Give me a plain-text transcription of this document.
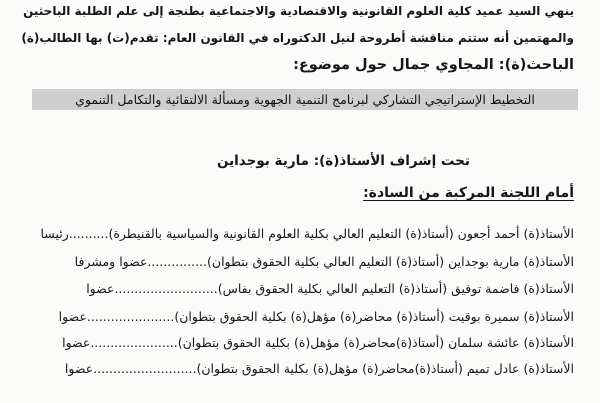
ينهي السيد عميد كلية العلوم القانونية والاقتصادية والاجتماعية بطنجة إلى علم الطلبة الباحثين
والمهتمين أنه ستتم مناقشة أطروحة لنيل الدكتوراه في القانون العام: تقدم(ت) بها الطالب(ة)
الباحث(ة): المجاوي جمال حول موضوع:
التخطيط الإستراتيجي التشاركي لبرنامج التنمية الجهوية ومسألة الالتقائية والتكامل التنموي
تحت إشراف الأستاذ(ة): مارية بوجداين
أمام اللجنة المركبة من السادة:
الأستاذ(ة) أحمد أجعون (أستاذ(ة) التعليم العالي بكلية العلوم القانونية والسياسية بالقنيطرة)..........رئيسا
الأستاذ(ة) مارية بوجداين (أستاذ(ة) التعليم العالي بكلية الحقوق بتطوان)...............عضوا ومشرفا
الأستاذ(ة) فاضمة توفيق (أستاذ(ة) التعليم العالي بكلية الحقوق بفاس)..........................عضوا
الأستاذ(ة) سميرة بوقيت (أستاذ(ة) محاضر(ة) مؤهل(ة) بكلية الحقوق بتطوان)......................عضوا
الأستاذ(ة) عائشة سلمان (أستاذ(ة)محاضر(ة) مؤهل(ة) بكلية الحقوق بتطوان)......................عضوا
الأستاذ(ة) عادل تميم (أستاذ(ة)محاضر(ة) مؤهل(ة) بكلية الحقوق بتطوان)..........................عضوا
